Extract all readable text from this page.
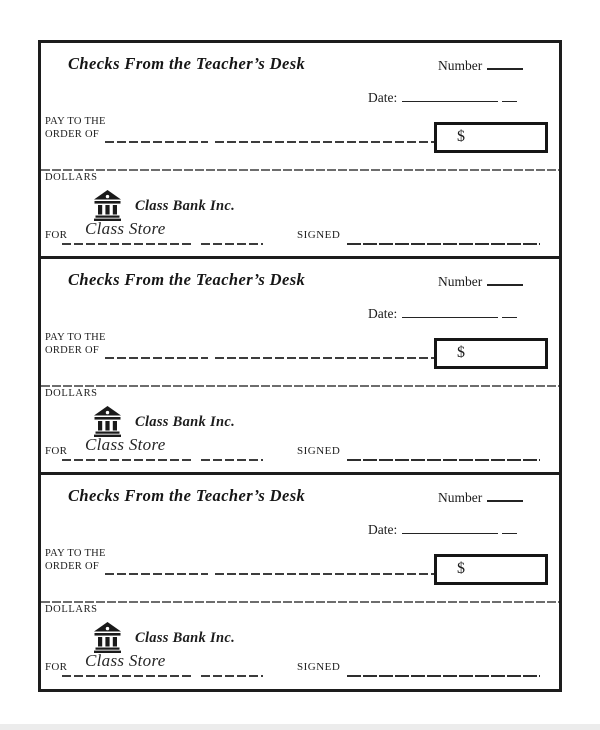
Checks From the Teacher’s Desk	Number
Date:
PAY TO THE
ORDER OF	$
DOLLARS
Class Bank Inc.
FOR Class Store	SIGNED
Checks From the Teacher’s Desk	Number
Date:
PAY TO THE
ORDER OF	$
DOLLARS
Class Bank Inc.
FOR Class Store	SIGNED
Checks From the Teacher’s Desk	Number
Date:
PAY TO THE
ORDER OF	$
DOLLARS
Class Bank Inc.
FOR Class Store	SIGNED
